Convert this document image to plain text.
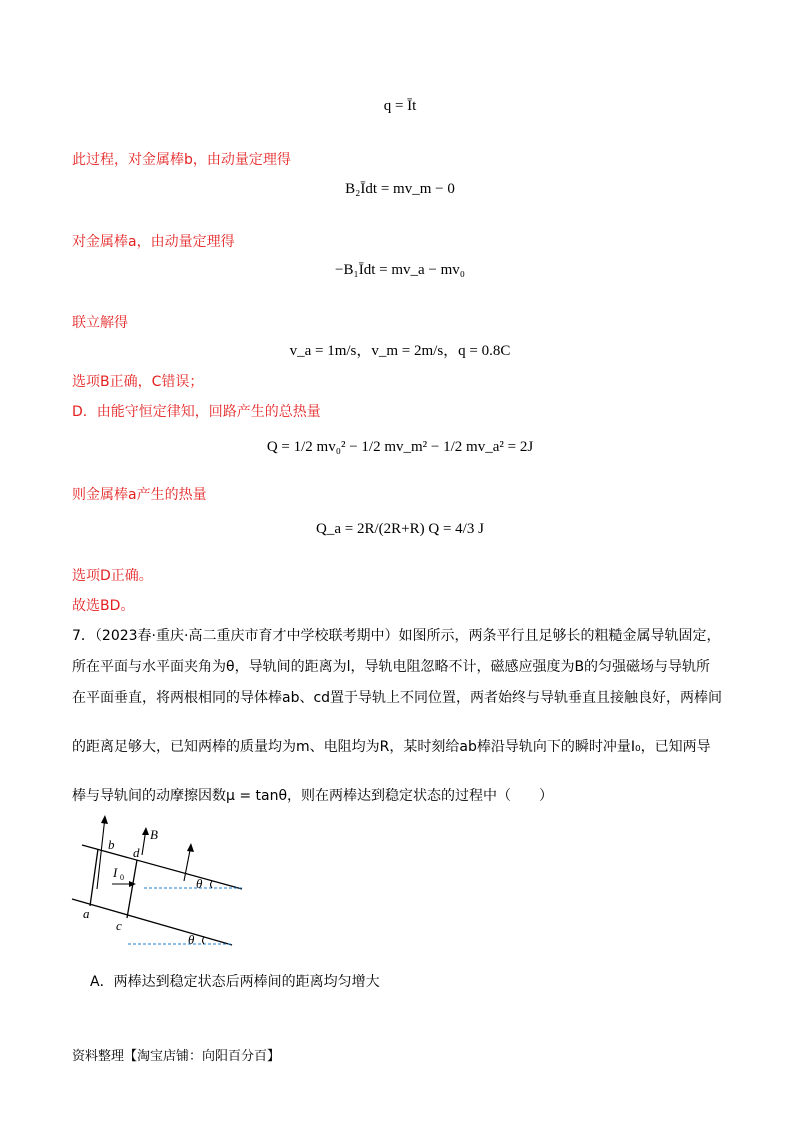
q = Īt
此过程，对金属棒b，由动量定理得
B₂Īdt = mv_m − 0
对金属棒a，由动量定理得
−B₁Īdt = mv_a − mv₀
联立解得
v_a = 1m/s，v_m = 2m/s，q = 0.8C
选项B正确，C错误；
D．由能守恒定律知，回路产生的总热量
Q = 1/2 mv₀² − 1/2 mv_m² − 1/2 mv_a² = 2J
则金属棒a产生的热量
Q_a = 2R/(2R+R) Q = 4/3 J
选项D正确。
故选BD。
7．（2023春·重庆·高二重庆市育才中学校联考期中）如图所示，两条平行且足够长的粗糙金属导轨固定，
所在平面与水平面夹角为θ，导轨间的距离为l，导轨电阻忽略不计，磁感应强度为B的匀强磁场与导轨所
在平面垂直，将两根相同的导体棒ab、cd置于导轨上不同位置，两者始终与导轨垂直且接触良好，两棒间
的距离足够大，已知两棒的质量均为m、电阻均为R，某时刻给ab棒沿导轨向下的瞬时冲量I₀，已知两导
棒与导轨间的动摩擦因数μ = tanθ，则在两棒达到稳定状态的过程中（　　）
b
d
B
I 0
a
c
θ
θ
A．两棒达到稳定状态后两棒间的距离均匀增大
资料整理【淘宝店铺：向阳百分百】
